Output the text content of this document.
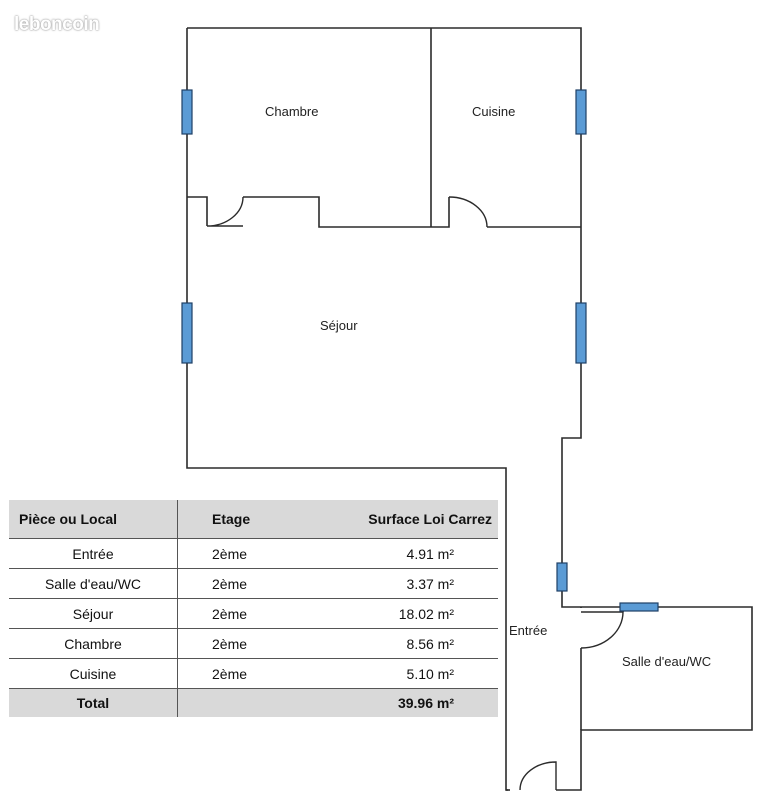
leboncoin
Chambre	Cuisine
Séjour
Entrée
Salle d'eau/WC
Pièce ou Local	Etage	Surface Loi Carrez
Entrée	2ème	4.91 m²
Salle d'eau/WC	2ème	3.37 m²
Séjour	2ème	18.02 m²
Chambre	2ème	8.56 m²
Cuisine	2ème	5.10 m²
Total		39.96 m²
